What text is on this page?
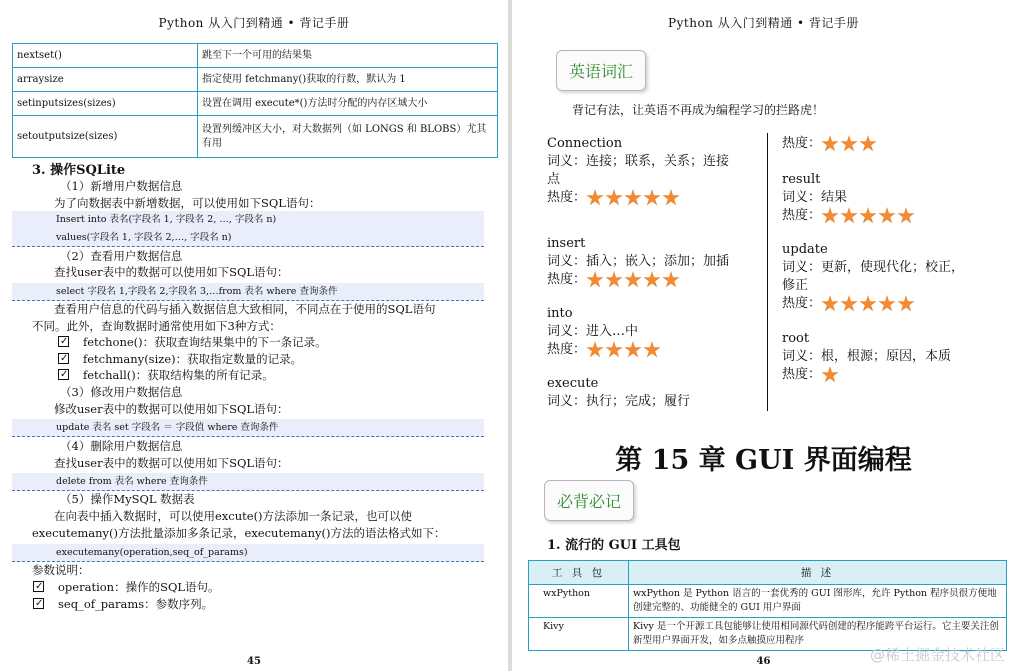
Python 从入门到精通 • 背记手册
nextset()	跳至下一个可用的结果集
arraysize	指定使用 fetchmany()获取的行数，默认为 1
setinputsizes(sizes)	设置在调用 execute*()方法时分配的内存区域大小
setoutputsize(sizes)	设置列缓冲区大小，对大数据列（如 LONGS 和 BLOBS）尤其有用
3. 操作SQLite
（1）新增用户数据信息
为了向数据表中新增数据，可以使用如下SQL语句：
Insert into 表名(字段名 1, 字段名 2, …, 字段名 n)
values(字段名 1, 字段名 2,…, 字段名 n)
（2）查看用户数据信息
查找user表中的数据可以使用如下SQL语句：
select 字段名 1,字段名 2,字段名 3,…from 表名 where 查询条件
查看用户信息的代码与插入数据信息大致相同，不同点在于使用的SQL语句
不同。此外，查询数据时通常使用如下3种方式：
✓fetchone()：获取查询结果集中的下一条记录。
✓fetchmany(size)：获取指定数量的记录。
✓fetchall()：获取结构集的所有记录。
（3）修改用户数据信息
修改user表中的数据可以使用如下SQL语句：
update 表名 set 字段名 ＝ 字段值 where 查询条件
（4）删除用户数据信息
查找user表中的数据可以使用如下SQL语句：
delete from 表名 where 查询条件
（5）操作MySQL 数据表
在向表中插入数据时，可以使用excute()方法添加一条记录，也可以使
executemany()方法批量添加多条记录，executemany()方法的语法格式如下：
executemany(operation,seq_of_params)
参数说明：
✓operation：操作的SQL语句。
✓seq_of_params：参数序列。
45
Python 从入门到精通 • 背记手册
英语词汇
背记有法，让英语不再成为编程学习的拦路虎！
Connection
词义：连接；联系，关系；连接
点
热度：
insert
词义：插入；嵌入；添加；加插
热度：
into
词义：进入…中
热度：
execute
词义：执行；完成；履行
热度：
result
词义：结果
热度：
update
词义：更新，使现代化；校正，
修正
热度：
root
词义：根，根源；原因，本质
热度：
第 15 章 GUI 界面编程
必背必记
1. 流行的 GUI 工具包
工 具 包	描 述
wxPython	wxPython 是 Python 语言的一套优秀的 GUI 图形库，允许 Python 程序员很方便地创建完整的、功能健全的 GUI 用户界面
Kivy	Kivy 是一个开源工具包能够让使用相同源代码创建的程序能跨平台运行。它主要关注创新型用户界面开发，如多点触摸应用程序
46	@稀土掘金技术社区
